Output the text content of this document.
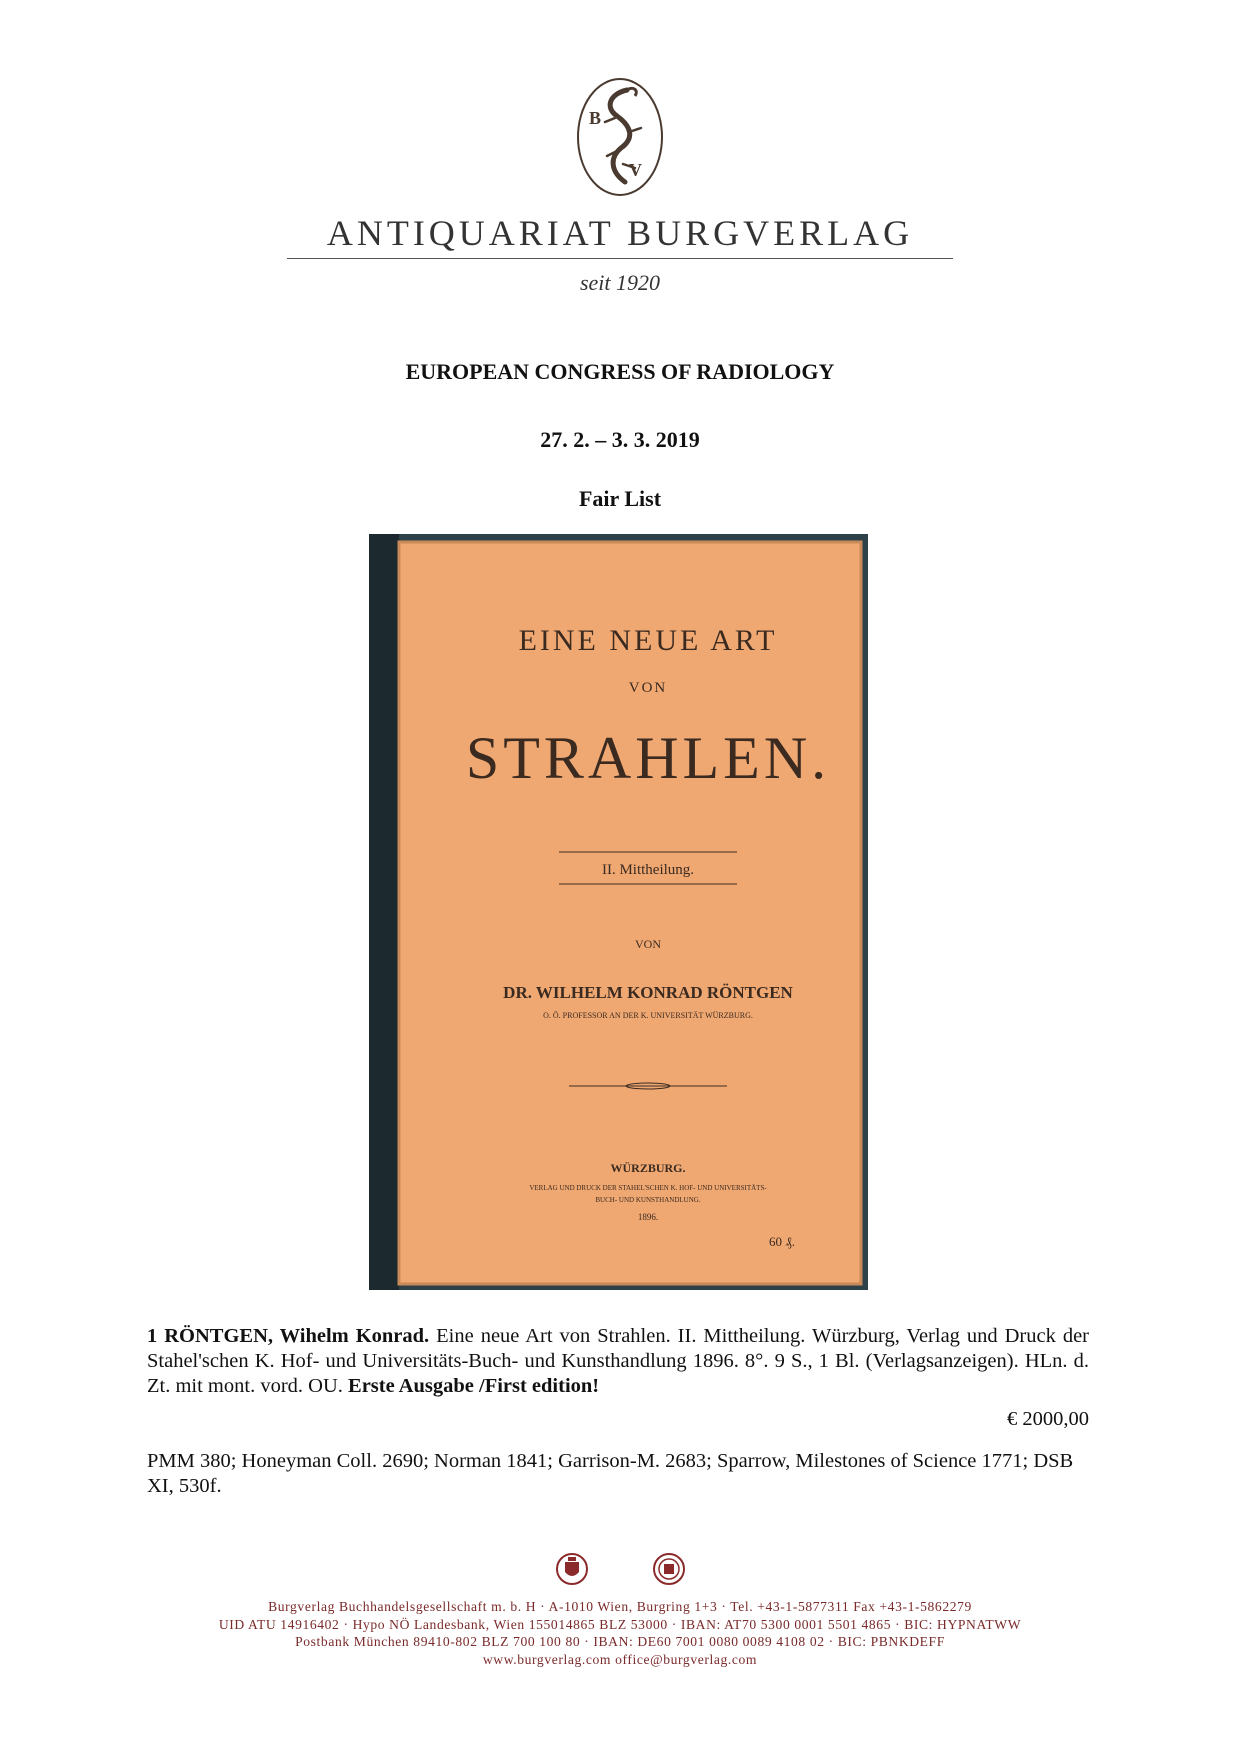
B
V
ANTIQUARIAT BURGVERLAG
seit 1920
EUROPEAN CONGRESS OF RADIOLOGY
27. 2. – 3. 3. 2019
Fair List
EINE NEUE ART
VON
STRAHLEN.
II. Mittheilung.
VON
DR. WILHELM KONRAD RÖNTGEN
O. Ö. PROFESSOR AN DER K. UNIVERSITÄT WÜRZBURG.
WÜRZBURG.
VERLAG UND DRUCK DER STAHEL'SCHEN K. HOF- UND UNIVERSITÄTS-
BUCH- UND KUNSTHANDLUNG.
1896.
60 ₰.
1 RÖNTGEN, Wihelm Konrad. Eine neue Art von Strahlen. II. Mittheilung. Würzburg, Verlag und Druck der Stahel'schen K. Hof- und Universitäts-Buch- und Kunsthandlung 1896. 8°. 9 S., 1 Bl. (Verlagsanzeigen). HLn. d. Zt. mit mont. vord. OU. Erste Ausgabe /First edition!
€ 2000,00
PMM 380; Honeyman Coll. 2690; Norman 1841; Garrison-M. 2683; Sparrow, Milestones of Science 1771; DSB XI, 530f.
Burgverlag Buchhandelsgesellschaft m. b. H · A-1010 Wien, Burgring 1+3 · Tel. +43-1-5877311 Fax +43-1-5862279
UID ATU 14916402 · Hypo NÖ Landesbank, Wien 155014865 BLZ 53000 · IBAN: AT70 5300 0001 5501 4865 · BIC: HYPNATWW
Postbank München 89410-802 BLZ 700 100 80 · IBAN: DE60 7001 0080 0089 4108 02 · BIC: PBNKDEFF
www.burgverlag.com office@burgverlag.com
